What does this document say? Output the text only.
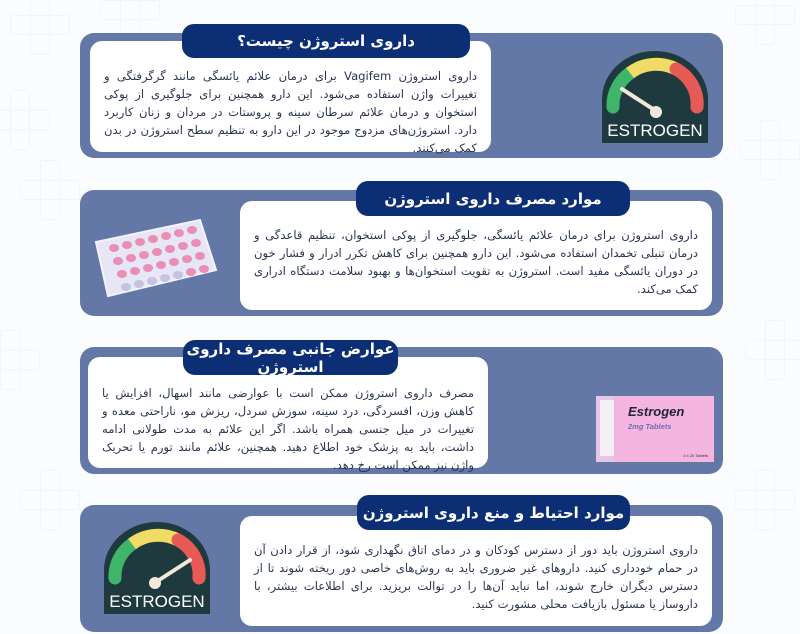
داروی استروژن چیست؟

داروی استروژن Vagifem برای درمان علائم یائسگی مانند گرگرفتگی و تغییرات واژن استفاده می‌شود. این دارو همچنین برای جلوگیری از پوکی استخوان و درمان علائم سرطان سینه و پروستات در مردان و زنان کاربرد دارد. استروژن‌های مزدوج موجود در این دارو به تنظیم سطح استروژن در بدن کمک می‌کنند.

ESTROGEN
موارد مصرف داروی استروژن

داروی استروژن برای درمان علائم یائسگی، جلوگیری از پوکی استخوان، تنظیم قاعدگی و درمان تنبلی تخمدان استفاده می‌شود. این دارو همچنین برای کاهش تکرر ادرار و فشار خون در دوران یائسگی مفید است. استروژن به تقویت استخوان‌ها و بهبود سلامت دستگاه ادراری کمک می‌کند.

عوارض جانبی مصرف داروی استروژن

مصرف داروی استروژن ممکن است با عوارضی مانند اسهال، افزایش یا کاهش وزن، افسردگی، درد سینه، سوزش سردل، ریزش مو، ناراحتی معده و تغییرات در میل جنسی همراه باشد. اگر این علائم به مدت طولانی ادامه داشت، باید به پزشک خود اطلاع دهید. همچنین، علائم مانند تورم یا تحریک واژن نیز ممکن است رخ دهد.

Estrogen
2mg Tablets
3 x 20 Tablets
موارد احتیاط و منع داروی استروژن

داروی استروژن باید دور از دسترس کودکان و در دمای اتاق نگهداری شود، از قرار دادن آن در حمام خودداری کنید. داروهای غیر ضروری باید به روش‌های خاصی دور ریخته شوند تا از دسترس دیگران خارج شوند، اما نباید آن‌ها را در توالت بریزید. برای اطلاعات بیشتر، با داروساز یا مسئول بازیافت محلی مشورت کنید.

ESTROGEN
